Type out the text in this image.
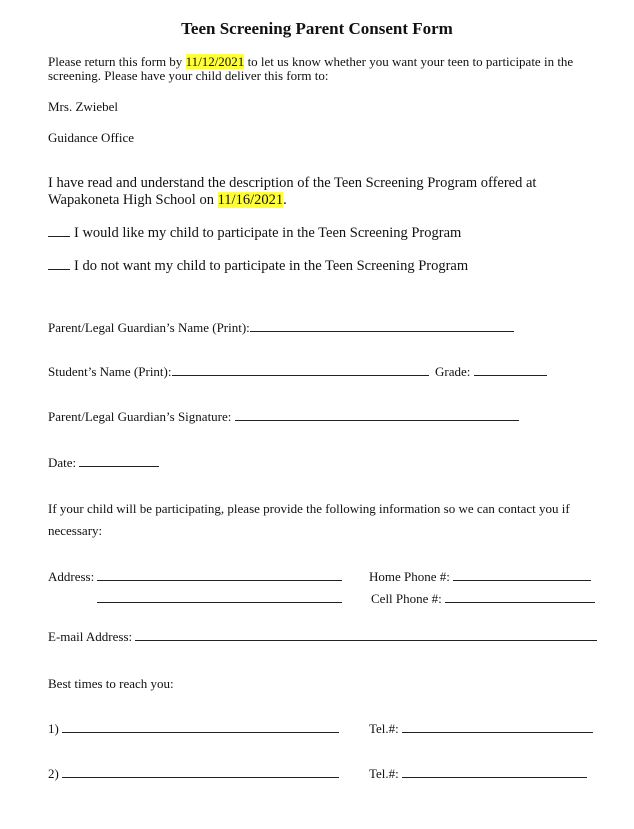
Teen Screening Parent Consent Form
Please return this form by 11/12/2021 to let us know whether you want your teen to participate in the
screening. Please have your child deliver this form to:
Mrs. Zwiebel
Guidance Office
I have read and understand the description of the Teen Screening Program offered at
Wapakoneta High School on 11/16/2021.
I would like my child to participate in the Teen Screening Program
I do not want my child to participate in the Teen Screening Program
Parent/Legal Guardian’s Name (Print):
Student’s Name (Print):	Grade:
Parent/Legal Guardian’s Signature:
Date:
If your child will be participating, please provide the following information so we can contact you if
necessary:
Address:	Home Phone #:
Cell Phone #:
E-mail Address:
Best times to reach you:
1)	Tel.#:
2)	Tel.#:
